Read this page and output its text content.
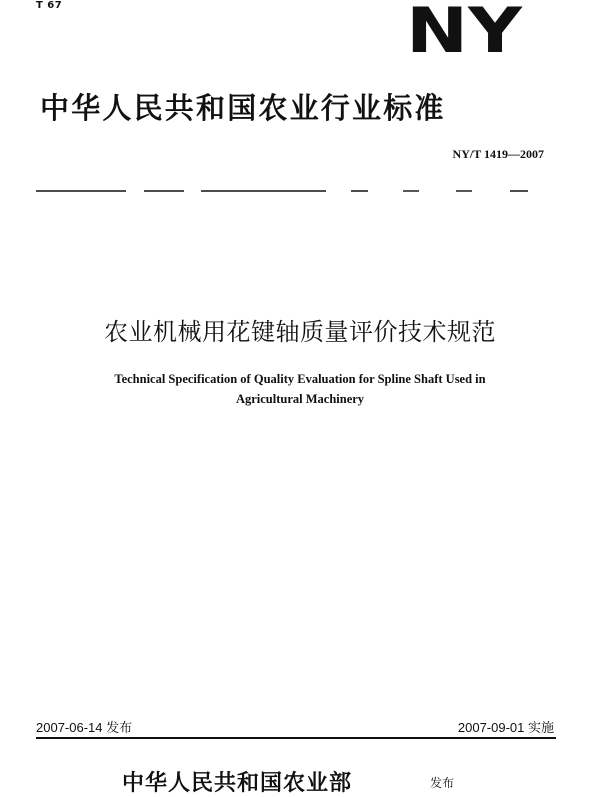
T 67	NY
中华人民共和国农业行业标准
NY/T 1419—2007
农业机械用花键轴质量评价技术规范
Technical Specification of Quality Evaluation for Spline Shaft Used in
Agricultural Machinery
2007-06-14 发布	2007-09-01 实施
中华人民共和国农业部	发布
